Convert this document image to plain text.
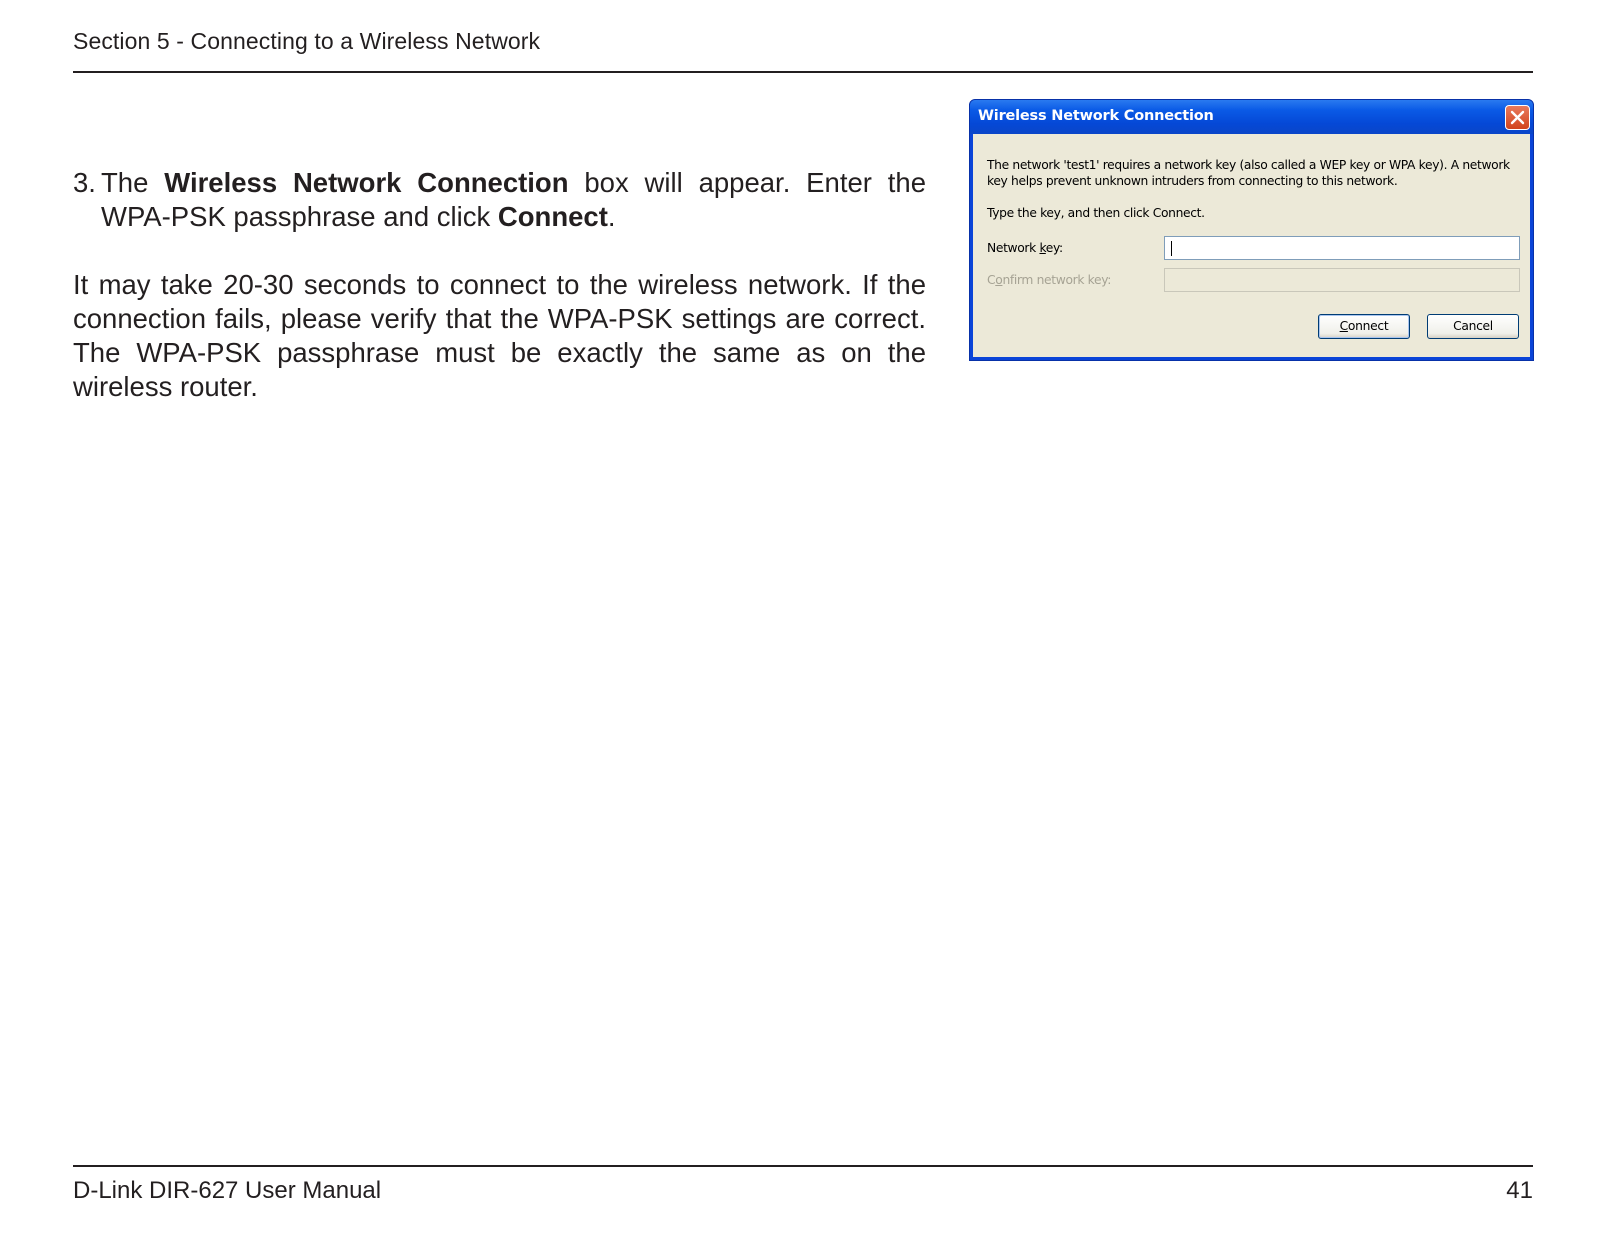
Section 5 - Connecting to a Wireless Network
3. The Wireless Network Connection box will appear. Enter the WPA-PSK passphrase and click Connect.
It may take 20-30 seconds to connect to the wireless network. If the connection fails, please verify that the WPA-PSK settings are correct. The WPA-PSK passphrase must be exactly the same as on the wireless router.
Wireless Network Connection
The network 'test1' requires a network key (also called a WEP key or WPA key). A network key helps prevent unknown intruders from connecting to this network.
Type the key, and then click Connect.
Network key:
Confirm network key:
Connect	Cancel
D-Link DIR-627 User Manual	41
